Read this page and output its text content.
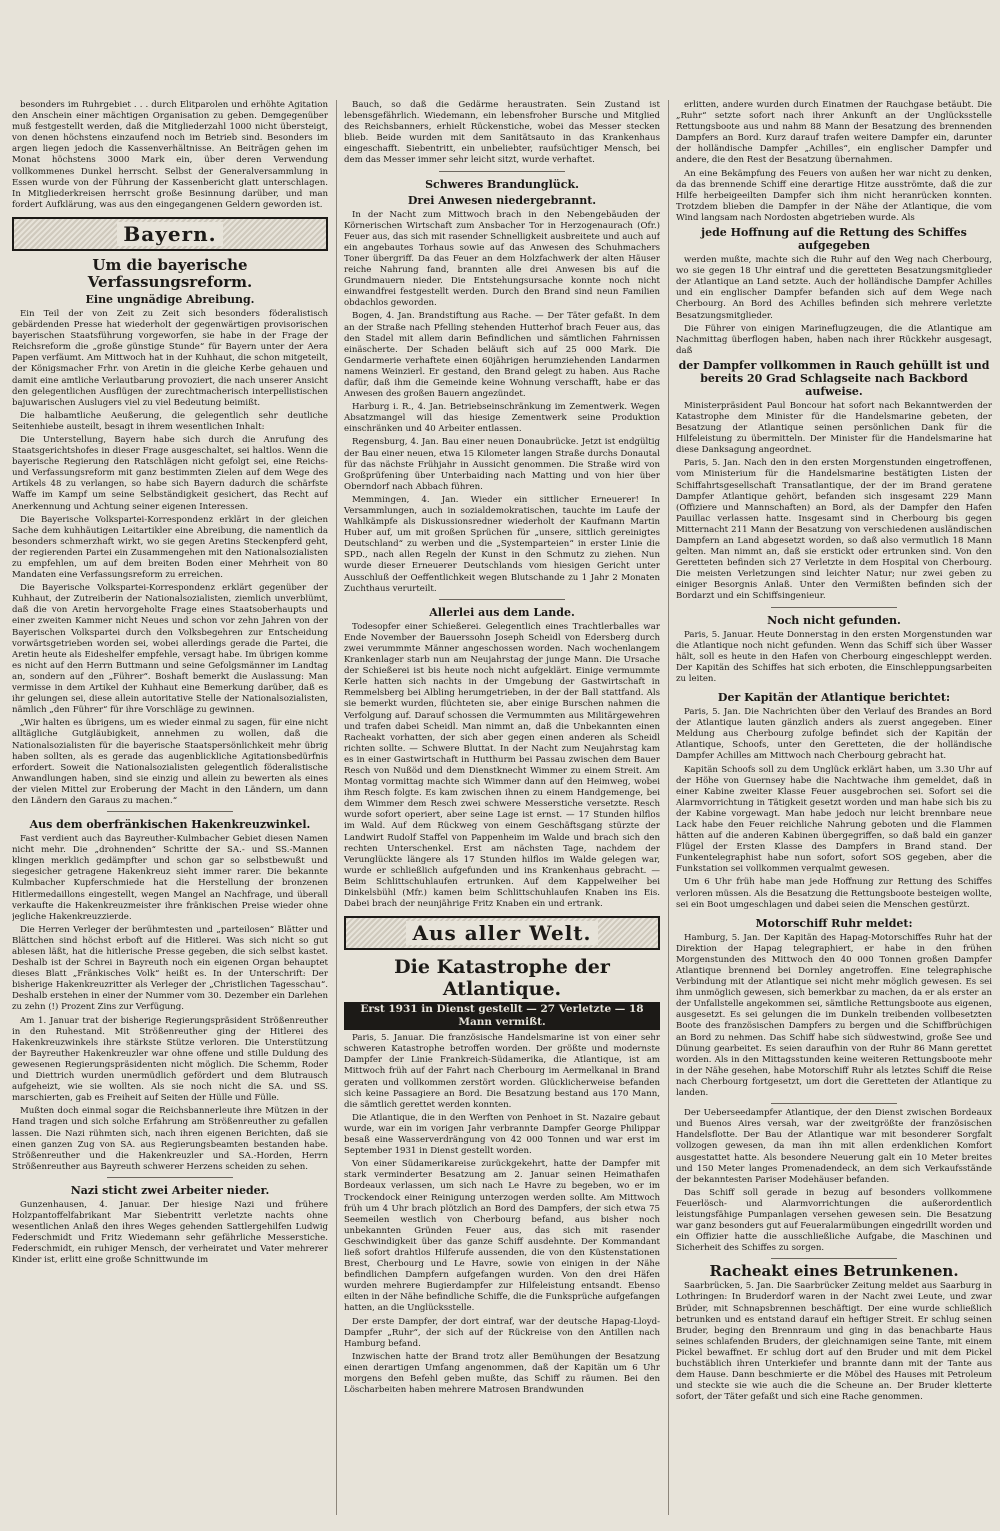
besonders im Ruhrgebiet . . . durch Elitparolen und erhöhte Agitation den Anschein einer mächtigen Organisation zu geben. Demgegenüber muß festgestellt werden, daß die Mitgliederzahl 1000 nicht übersteigt, von denen höchstens einzaufend noch im Betrieb sind. Besonders im argen liegen jedoch die Kassenverhältnisse. An Beiträgen gehen im Monat höchstens 3000 Mark ein, über deren Verwendung vollkommenes Dunkel herrscht. Selbst der Generalversammlung in Essen wurde von der Führung der Kassenbericht glatt unterschlagen. In Mitgliederkreisen herrscht große Besinnung darüber, und man fordert Aufklärung, was aus den eingegangenen Geldern geworden ist.

Bayern.
Um die bayerische Verfassungsreform.
Eine ungnädige Abreibung.

Ein Teil der von Zeit zu Zeit sich besonders föderalistisch gebärdenden Presse hat wiederholt der gegenwärtigen provisorischen bayerischen Staatsführung vorgeworfen, sie habe in der Frage der Reichsreform die „große günstige Stunde“ für Bayern unter der Aera Papen verfäumt. Am Mittwoch hat in der Kuhhaut, die schon mitgeteilt, der Königsmacher Frhr. von Aretin in die gleiche Kerbe gehauen und damit eine amtliche Verlautbarung provoziert, die nach unserer Ansicht den gelegentlichen Ausflügen der zurechtmacherisch interpellistischen bajuwarischen Auslugers viel zu viel Bedeutung beimißt.

Die halbamtliche Aeußerung, die gelegentlich sehr deutliche Seitenhiebe austeilt, besagt in ihrem wesentlichen Inhalt:

Die Unterstellung, Bayern habe sich durch die Anrufung des Staatsgerichtshofes in dieser Frage ausgeschaltet, sei haltlos. Wenn die bayerische Regierung den Ratschlägen nicht gefolgt sei, eine Reichs- und Verfassungsreform mit ganz bestimmten Zielen auf dem Wege des Artikels 48 zu verlangen, so habe sich Bayern dadurch die schärfste Waffe im Kampf um seine Selbständigkeit gesichert, das Recht auf Anerkennung und Achtung seiner eigenen Interessen.

Die Bayerische Volkspartei-Korrespondenz erklärt in der gleichen Sache dem kuhhäutigen Leitartikler eine Abreibung, die namentlich da besonders schmerzhaft wirkt, wo sie gegen Aretins Steckenpferd geht, der regierenden Partei ein Zusammengehen mit den Nationalsozialisten zu empfehlen, um auf dem breiten Boden einer Mehrheit von 80 Mandaten eine Verfassungsreform zu erreichen.

Die Bayerische Volkspartei-Korrespondenz erklärt gegenüber der Kuhhaut, der Zutreiberin der Nationalsozialisten, ziemlich unverblümt, daß die von Aretin hervorgeholte Frage eines Staatsoberhaupts und einer zweiten Kammer nicht Neues und schon vor zehn Jahren von der Bayerischen Volkspartei durch den Volksbegehren zur Entscheidung vorwärtsgetrieben worden sei, wobei allerdings gerade die Partei, die Aretin heute als Eideshelfer empfehle, versagt habe. Im übrigen komme es nicht auf den Herrn Buttmann und seine Gefolgsmänner im Landtag an, sondern auf den „Führer“. Boshaft bemerkt die Auslassung: Man vermisse in dem Artikel der Kuhhaut eine Bemerkung darüber, daß es ihr gelungen sei, diese allein autoritative Stelle der Nationalsozialisten, nämlich „den Führer“ für ihre Vorschläge zu gewinnen.

„Wir halten es übrigens, um es wieder einmal zu sagen, für eine nicht alltägliche Gutgläubigkeit, annehmen zu wollen, daß die Nationalsozialisten für die bayerische Staatspersönlichkeit mehr übrig haben sollten, als es gerade das augenblickliche Agitationsbedürfnis erfordert. Soweit die Nationalsozialisten gelegentlich föderalistische Anwandlungen haben, sind sie einzig und allein zu bewerten als eines der vielen Mittel zur Eroberung der Macht in den Ländern, um dann den Ländern den Garaus zu machen.“

Aus dem oberfränkischen Hakenkreuzwinkel.

Fast verdient auch das Bayreuther-Kulmbacher Gebiet diesen Namen nicht mehr. Die „drohnenden“ Schritte der SA.- und SS.-Mannen klingen merklich gedämpfter und schon gar so selbstbewußt und siegesicher getragene Hakenkreuz sieht immer rarer. Die bekannte Kulmbacher Kupferschmiede hat die Herstellung der bronzenen Hitlermedaillons eingestellt, wegen Mangel an Nachfrage, und überall verkaufte die Hakenkreuzmeister ihre fränkischen Preise wieder ohne jegliche Hakenkreuzzierde.

Die Herren Verleger der berühmtesten und „parteilosen“ Blätter und Blättchen sind höchst erboft auf die Hitlerei. Was sich nicht so gut ablesen läßt, hat die hitlerische Presse gegeben, die sich selbst kastet. Deshalb ist der Schrei in Bayreuth noch ein eigenen Organ behauptet dieses Blatt „Fränkisches Volk“ heißt es. In der Unterschrift: Der bisherige Hakenkreuzritter als Verleger der „Christlichen Tagesschau“. Deshalb erstehen in einer der Nummer vom 30. Dezember ein Darlehen zu zehn (!) Prozent Zins zur Verfügung.

Am 1. Januar trat der bisherige Regierungspräsident Strößenreuther in den Ruhestand. Mit Strößenreuther ging der Hitlerei des Hakenkreuzwinkels ihre stärkste Stütze verloren. Die Unterstützung der Bayreuther Hakenkreuzler war ohne offene und stille Duldung des gewesenen Regierungspräsidenten nicht möglich. Die Schemm, Roder und Diettrich wurden unermüdlich gefördert und dem Blutrausch aufgeheizt, wie sie wollten. Als sie noch nicht die SA. und SS. marschierten, gab es Freiheit auf Seiten der Hülle und Fülle.

Mußten doch einmal sogar die Reichsbannerleute ihre Mützen in der Hand tragen und sich solche Erfahrung am Strößenreuther zu gefallen lassen. Die Nazi rühmten sich, nach ihren eigenen Berichten, daß sie einen ganzen Zug von SA. aus Regierungsbeamten bestanden habe. Strößenreuther und die Hakenkreuzler und SA.-Horden, Herrn Strößenreuther aus Bayreuth schwerer Herzens scheiden zu sehen.

Nazi sticht zwei Arbeiter nieder.

Gunzenhausen, 4. Januar. Der hiesige Nazi und frühere Holzpantoffelfabrikant Mar Siebentritt verletzte nachts ohne wesentlichen Anlaß den ihres Weges gehenden Sattlergehilfen Ludwig Federschmidt und Fritz Wiedemann sehr gefährliche Messerstiche. Federschmidt, ein ruhiger Mensch, der verheiratet und Vater mehrerer Kinder ist, erlitt eine große Schnittwunde im

Bauch, so daß die Gedärme heraustraten. Sein Zustand ist lebensgefährlich. Wiedemann, ein lebensfroher Bursche und Mitglied des Reichsbanners, erhielt Rückenstiche, wobei das Messer stecken blieb. Beide wurden mit dem Sanitätsauto in das Krankenhaus eingeschafft. Siebentritt, ein unbeliebter, raufsüchtiger Mensch, bei dem das Messer immer sehr leicht sitzt, wurde verhaftet.

Schweres Brandunglück.
Drei Anwesen niedergebrannt.

In der Nacht zum Mittwoch brach in den Nebengebäuden der Körnerischen Wirtschaft zum Ansbacher Tor in Herzogenaurach (Ofr.) Feuer aus, das sich mit rasender Schnelligkeit ausbreitete und auch auf ein angebautes Torhaus sowie auf das Anwesen des Schuhmachers Toner übergriff. Da das Feuer an dem Holzfachwerk der alten Häuser reiche Nahrung fand, brannten alle drei Anwesen bis auf die Grundmauern nieder. Die Entstehungsursache konnte noch nicht einwandfrei festgestellt werden. Durch den Brand sind neun Familien obdachlos geworden.

Bogen, 4. Jan. Brandstiftung aus Rache. — Der Täter gefaßt. In dem an der Straße nach Pfelling stehenden Hutterhof brach Feuer aus, das den Stadel mit allem darin Befindlichen und sämtlichen Fahrnissen einäscherte. Der Schaden beläuft sich auf 25 000 Mark. Die Gendarmerie verhaftete einen 60jährigen herumziehenden Landarmen namens Weinzierl. Er gestand, den Brand gelegt zu haben. Aus Rache dafür, daß ihm die Gemeinde keine Wohnung verschafft, habe er das Anwesen des großen Bauern angezündet.

Harburg i. R., 4. Jan. Betriebseinschränkung im Zementwerk. Wegen Absatzmangel will das hiesige Zementwerk seine Produktion einschränken und 40 Arbeiter entlassen.

Regensburg, 4. Jan. Bau einer neuen Donaubrücke. Jetzt ist endgültig der Bau einer neuen, etwa 15 Kilometer langen Straße durchs Donautal für das nächste Frühjahr in Aussicht genommen. Die Straße wird von Großprüfening über Unterbaiding nach Matting und von hier über Oberndorf nach Abbach führen.

Memmingen, 4. Jan. Wieder ein sittlicher Erneuerer! In Versammlungen, auch in sozialdemokratischen, tauchte im Laufe der Wahlkämpfe als Diskussionsredner wiederholt der Kaufmann Martin Huber auf, um mit großen Sprüchen für „unsere, sittlich gereinigtes Deutschland“ zu werben und die „Systemparteien“ in erster Linie die SPD., nach allen Regeln der Kunst in den Schmutz zu ziehen. Nun wurde dieser Erneuerer Deutschlands vom hiesigen Gericht unter Ausschluß der Oeffentlichkeit wegen Blutschande zu 1 Jahr 2 Monaten Zuchthaus verurteilt.

Allerlei aus dem Lande.

Todesopfer einer Schießerei. Gelegentlich eines Trachtlerballes war Ende November der Bauerssohn Joseph Scheidl von Edersberg durch zwei verummmte Männer angeschossen worden. Nach wochenlangem Krankenlager starb nun am Neujahrstag der junge Mann. Die Ursache der Schießerei ist bis heute noch nicht aufgeklärt. Einige vermummte Kerle hatten sich nachts in der Umgebung der Gastwirtschaft in Remmelsberg bei Albling herumgetrieben, in der der Ball stattfand. Als sie bemerkt wurden, flüchteten sie, aber einige Burschen nahmen die Verfolgung auf. Darauf schossen die Vermummten aus Militärgewehren und trafen dabei Scheidl. Man nimmt an, daß die Unbekannten einen Racheakt vorhatten, der sich aber gegen einen anderen als Scheidl richten sollte. — Schwere Bluttat. In der Nacht zum Neujahrstag kam es in einer Gastwirtschaft in Hutthurm bei Passau zwischen dem Bauer Resch von Nußöd und dem Dienstknecht Wimmer zu einem Streit. Am Montag vormittag machte sich Wimmer dann auf den Heimweg, wobei ihm Resch folgte. Es kam zwischen ihnen zu einem Handgemenge, bei dem Wimmer dem Resch zwei schwere Messerstiche versetzte. Resch wurde sofort operiert, aber seine Lage ist ernst. — 17 Stunden hilflos im Wald. Auf dem Rückweg von einem Geschäftsgang stürzte der Landwirt Rudolf Staffel von Pappenheim im Walde und brach sich den rechten Unterschenkel. Erst am nächsten Tage, nachdem der Verunglückte längere als 17 Stunden hilflos im Walde gelegen war, wurde er schließlich aufgefunden und ins Krankenhaus gebracht. — Beim Schlittschuhlaufen ertrunken. Auf dem Kappelweiher bei Dinkelsbühl (Mfr.) kamen beim Schlittschuhlaufen Knaben ins Eis. Dabei brach der neunjährige Fritz Knaben ein und ertrank.

Aus aller Welt.
Die Katastrophe der Atlantique.
Erst 1931 in Dienst gestellt — 27 Verletzte — 18 Mann vermißt.

Paris, 5. Januar. Die französische Handelsmarine ist von einer sehr schweren Katastrophe betroffen worden. Der größte und modernste Dampfer der Linie Frankreich-Südamerika, die Atlantique, ist am Mittwoch früh auf der Fahrt nach Cherbourg im Aermelkanal in Brand geraten und vollkommen zerstört worden. Glücklicherweise befanden sich keine Passagiere an Bord. Die Besatzung bestand aus 170 Mann, die sämtlich gerettet werden konnten.

Die Atlantique, die in den Werften von Penhoet in St. Nazaire gebaut wurde, war ein im vorigen Jahr verbrannte Dampfer George Philippar besaß eine Wasserverdrängung von 42 000 Tonnen und war erst im September 1931 in Dienst gestellt worden.

Von einer Südamerikareise zurückgekehrt, hatte der Dampfer mit stark verminderter Besatzung am 2. Januar seinen Heimathafen Bordeaux verlassen, um sich nach Le Havre zu begeben, wo er im Trockendock einer Reinigung unterzogen werden sollte. Am Mittwoch früh um 4 Uhr brach plötzlich an Bord des Dampfers, der sich etwa 75 Seemeilen westlich von Cherbourg befand, aus bisher noch unbekannten Gründen Feuer aus, das sich mit rasender Geschwindigkeit über das ganze Schiff ausdehnte. Der Kommandant ließ sofort drahtlos Hilferufe aussenden, die von den Küstenstationen Brest, Cherbourg und Le Havre, sowie von einigen in der Nähe befindlichen Dampfern aufgefangen wurden. Von den drei Häfen wurden mehrere Bugierdampfer zur Hilfeleistung entsandt. Ebenso eilten in der Nähe befindliche Schiffe, die die Funksprüche aufgefangen hatten, an die Unglücksstelle.

Der erste Dampfer, der dort eintraf, war der deutsche Hapag-Lloyd-Dampfer „Ruhr“, der sich auf der Rückreise von den Antillen nach Hamburg befand.

Inzwischen hatte der Brand trotz aller Bemühungen der Besatzung einen derartigen Umfang angenommen, daß der Kapitän um 6 Uhr morgens den Befehl geben mußte, das Schiff zu räumen. Bei den Löscharbeiten haben mehrere Matrosen Brandwunden

erlitten, andere wurden durch Einatmen der Rauchgase betäubt. Die „Ruhr“ setzte sofort nach ihrer Ankunft an der Unglücksstelle Rettungsboote aus und nahm 88 Mann der Besatzung des brennenden Dampfers an Bord. Kurz darauf trafen weitere Dampfer ein, darunter der holländische Dampfer „Achilles“, ein englischer Dampfer und andere, die den Rest der Besatzung übernahmen.

An eine Bekämpfung des Feuers von außen her war nicht zu denken, da das brennende Schiff eine derartige Hitze ausströmte, daß die zur Hilfe herbeigeeilten Dampfer sich ihm nicht heranrücken konnten. Trotzdem blieben die Dampfer in der Nähe der Atlantique, die vom Wind langsam nach Nordosten abgetrieben wurde. Als

jede Hoffnung auf die Rettung des Schiffes aufgegeben

werden mußte, machte sich die Ruhr auf den Weg nach Cherbourg, wo sie gegen 18 Uhr eintraf und die geretteten Besatzungsmitglieder der Atlantique an Land setzte. Auch der holländische Dampfer Achilles und ein englischer Dampfer befanden sich auf dem Wege nach Cherbourg. An Bord des Achilles befinden sich mehrere verletzte Besatzungsmitglieder.

Die Führer von einigen Marineflugzeugen, die die Atlantique am Nachmittag überflogen haben, haben nach ihrer Rückkehr ausgesagt, daß

der Dampfer vollkommen in Rauch gehüllt ist und bereits 20 Grad Schlagseite nach Backbord aufweise.

Ministerpräsident Paul Boncour hat sofort nach Bekanntwerden der Katastrophe dem Minister für die Handelsmarine gebeten, der Besatzung der Atlantique seinen persönlichen Dank für die Hilfeleistung zu übermitteln. Der Minister für die Handelsmarine hat diese Danksagung angeordnet.

Paris, 5. Jan. Nach den in den ersten Morgenstunden eingetroffenen, vom Ministerium für die Handelsmarine bestätigten Listen der Schiffahrtsgesellschaft Transatlantique, der der im Brand geratene Dampfer Atlantique gehört, befanden sich insgesamt 229 Mann (Offiziere und Mannschaften) an Bord, als der Dampfer den Hafen Pauillac verlassen hatte. Insgesamt sind in Cherbourg bis gegen Mitternacht 211 Mann der Besatzung von verschiedenen ausländischen Dampfern an Land abgesetzt worden, so daß also vermutlich 18 Mann gelten. Man nimmt an, daß sie erstickt oder ertrunken sind. Von den Geretteten befinden sich 27 Verletzte in dem Hospital von Cherbourg. Die meisten Verletzungen sind leichter Natur; nur zwei geben zu einiger Besorgnis Anlaß. Unter den Vermißten befinden sich der Bordarzt und ein Schiffsingenieur.

Noch nicht gefunden.

Paris, 5. Januar. Heute Donnerstag in den ersten Morgenstunden war die Atlantique noch nicht gefunden. Wenn das Schiff sich über Wasser hält, soll es heute in den Hafen von Cherbourg eingeschleppt werden. Der Kapitän des Schiffes hat sich erboten, die Einschleppungsarbeiten zu leiten.

Der Kapitän der Atlantique berichtet:

Paris, 5. Jan. Die Nachrichten über den Verlauf des Brandes an Bord der Atlantique lauten gänzlich anders als zuerst angegeben. Einer Meldung aus Cherbourg zufolge befindet sich der Kapitän der Atlantique, Schoofs, unter den Geretteten, die der holländische Dampfer Achilles am Mittwoch nach Cherbourg gebracht hat.

Kapitän Schoofs soll zu dem Unglück erklärt haben, um 3.30 Uhr auf der Höhe von Guernsey habe die Nachtwache ihm gemeldet, daß in einer Kabine zweiter Klasse Feuer ausgebrochen sei. Sofort sei die Alarmvorrichtung in Tätigkeit gesetzt worden und man habe sich bis zu der Kabine vorgewagt. Man habe jedoch nur leicht brennbare neue Lack habe den Feuer reichliche Nahrung geboten und die Flammen hätten auf die anderen Kabinen übergegriffen, so daß bald ein ganzer Flügel der Ersten Klasse des Dampfers in Brand stand. Der Funkentelegraphist habe nun sofort, sofort SOS gegeben, aber die Funkstation sei vollkommen verqualmt gewesen.

Um 6 Uhr früh habe man jede Hoffnung zur Rettung des Schiffes verloren müssen. Als die Besatzung die Rettungsboote besteigen wollte, sei ein Boot umgeschlagen und dabei seien die Menschen gestürzt.

Motorschiff Ruhr meldet:

Hamburg, 5. Jan. Der Kapitän des Hapag-Motorschiffes Ruhr hat der Direktion der Hapag telegraphiert, er habe in den frühen Morgenstunden des Mittwoch den 40 000 Tonnen großen Dampfer Atlantique brennend bei Dornley angetroffen. Eine telegraphische Verbindung mit der Atlantique sei nicht mehr möglich gewesen. Es sei ihm unmöglich gewesen, sich bemerkbar zu machen, da er als erster an der Unfallstelle angekommen sei, sämtliche Rettungsboote aus eigenen, ausgesetzt. Es sei gelungen die im Dunkeln treibenden vollbesetzten Boote des französischen Dampfers zu bergen und die Schiffbrüchigen an Bord zu nehmen. Das Schiff habe sich südwestwind, große See und Dünung gearbeitet. Es seien daraufhin von der Ruhr 86 Mann gerettet worden. Als in den Mittagsstunden keine weiteren Rettungsboote mehr in der Nähe gesehen, habe Motorschiff Ruhr als letztes Schiff die Reise nach Cherbourg fortgesetzt, um dort die Geretteten der Atlantique zu landen.

Der Ueberseedampfer Atlantique, der den Dienst zwischen Bordeaux und Buenos Aires versah, war der zweitgrößte der französischen Handelsflotte. Der Bau der Atlantique war mit besonderer Sorgfalt vollzogen gewesen, da man ihn mit allen erdenklichen Komfort ausgestattet hatte. Als besondere Neuerung galt ein 10 Meter breites und 150 Meter langes Promenadendeck, an dem sich Verkaufsstände der bekanntesten Pariser Modehäuser befanden.

Das Schiff soll gerade in bezug auf besonders vollkommene Feuerlösch- und Alarmvorrichtungen die außerordentlich leistungsfähige Pumpanlagen versehen gewesen sein. Die Besatzung war ganz besonders gut auf Feueralarmübungen eingedrillt worden und ein Offizier hatte die ausschließliche Aufgabe, die Maschinen und Sicherheit des Schiffes zu sorgen.

Racheakt eines Betrunkenen.

Saarbrücken, 5. Jan. Die Saarbrücker Zeitung meldet aus Saarburg in Lothringen: In Bruderdorf waren in der Nacht zwei Leute, und zwar Brüder, mit Schnapsbrennen beschäftigt. Der eine wurde schließlich betrunken und es entstand darauf ein heftiger Streit. Er schlug seinen Bruder, beging den Brennraum und ging in das benachbarte Haus seines schlafenden Bruders, der gleichnamigen seine Tante, mit einem Pickel bewaffnet. Er schlug dort auf den Bruder und mit dem Pickel buchstäblich ihren Unterkiefer und brannte dann mit der Tante aus dem Hause. Dann beschmierte er die Möbel des Hauses mit Petroleum und steckte sie wie auch die die Scheune an. Der Bruder kletterte sofort, der Täter gefaßt und sich eine Rache genommen.
